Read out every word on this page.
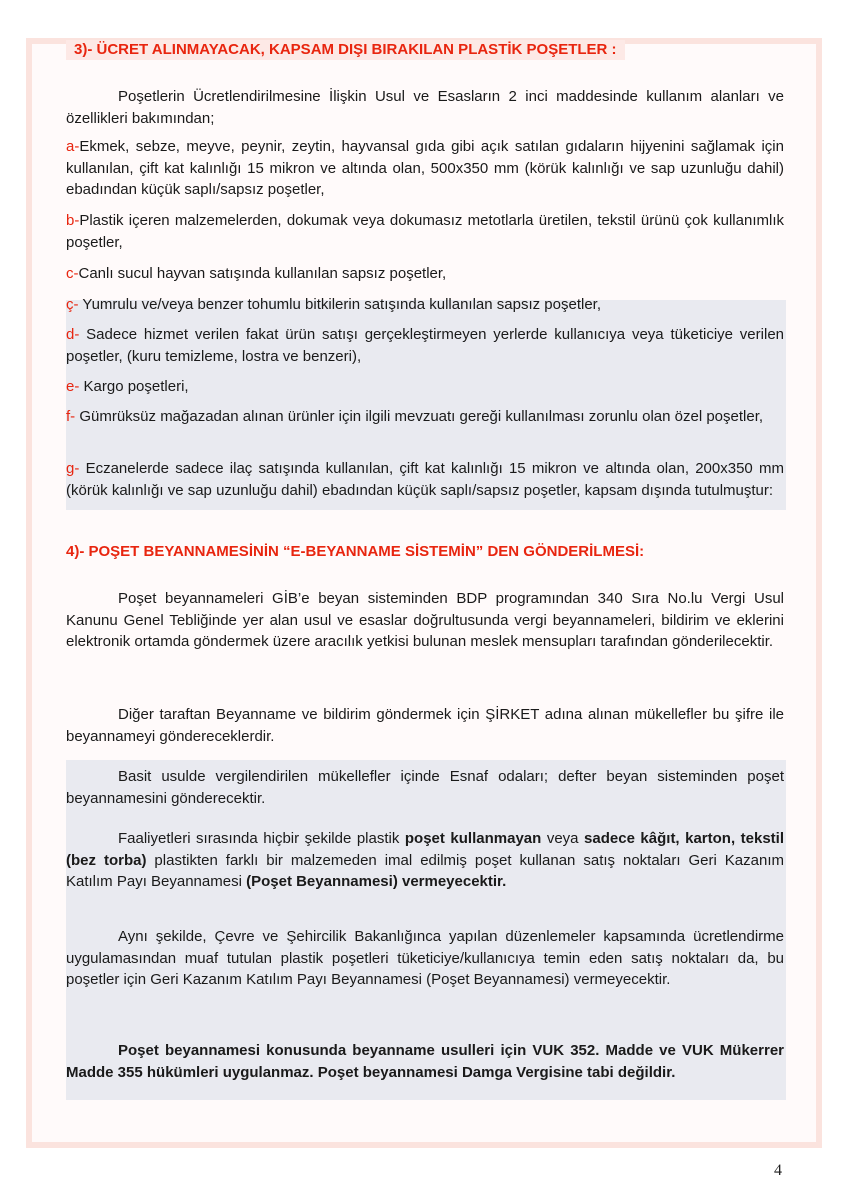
3)- ÜCRET ALINMAYACAK, KAPSAM DIŞI BIRAKILAN PLASTİK POŞETLER :

Poşetlerin Ücretlendirilmesine İlişkin Usul ve Esasların 2 inci maddesinde kullanım alanları ve özellikleri bakımından;

a-Ekmek, sebze, meyve, peynir, zeytin, hayvansal gıda gibi açık satılan gıdaların hijyenini sağlamak için kullanılan, çift kat kalınlığı 15 mikron ve altında olan, 500x350 mm (körük kalınlığı ve sap uzunluğu dahil) ebadından küçük saplı/sapsız poşetler,

b-Plastik içeren malzemelerden, dokumak veya dokumasız metotlarla üretilen, tekstil ürünü çok kullanımlık poşetler,

c-Canlı sucul hayvan satışında kullanılan sapsız poşetler,

ç- Yumrulu ve/veya benzer tohumlu bitkilerin satışında kullanılan sapsız poşetler,

d- Sadece hizmet verilen fakat ürün satışı gerçekleştirmeyen yerlerde kullanıcıya veya tüketiciye verilen poşetler, (kuru temizleme, lostra ve benzeri),

e- Kargo poşetleri,

f- Gümrüksüz mağazadan alınan ürünler için ilgili mevzuatı gereği kullanılması zorunlu olan özel poşetler,

g- Eczanelerde sadece ilaç satışında kullanılan, çift kat kalınlığı 15 mikron ve altında olan, 200x350 mm (körük kalınlığı ve sap uzunluğu dahil) ebadından küçük saplı/sapsız poşetler, kapsam dışında tutulmuştur:

4)- POŞET BEYANNAMESİNİN “E-BEYANNAME SİSTEMİN” DEN GÖNDERİLMESİ:

Poşet beyannameleri GİB’e beyan sisteminden BDP programından 340 Sıra No.lu Vergi Usul Kanunu Genel Tebliğinde yer alan usul ve esaslar doğrultusunda vergi beyannameleri, bildirim ve eklerini elektronik ortamda göndermek üzere aracılık yetkisi bulunan meslek mensupları tarafından gönderilecektir.

Diğer taraftan Beyanname ve bildirim göndermek için ŞİRKET adına alınan mükellefler bu şifre ile beyannameyi göndereceklerdir.

Basit usulde vergilendirilen mükellefler içinde Esnaf odaları; defter beyan sisteminden poşet beyannamesini gönderecektir.

Faaliyetleri sırasında hiçbir şekilde plastik poşet kullanmayan veya sadece kâğıt, karton, tekstil (bez torba) plastikten farklı bir malzemeden imal edilmiş poşet kullanan satış noktaları Geri Kazanım Katılım Payı Beyannamesi (Poşet Beyannamesi) vermeyecektir.

Aynı şekilde, Çevre ve Şehircilik Bakanlığınca yapılan düzenlemeler kapsamında ücretlendirme uygulamasından muaf tutulan plastik poşetleri tüketiciye/kullanıcıya temin eden satış noktaları da, bu poşetler için Geri Kazanım Katılım Payı Beyannamesi (Poşet Beyannamesi) vermeyecektir.

Poşet beyannamesi konusunda beyanname usulleri için VUK 352. Madde ve VUK Mükerrer Madde 355 hükümleri uygulanmaz. Poşet beyannamesi Damga Vergisine tabi değildir.

4
